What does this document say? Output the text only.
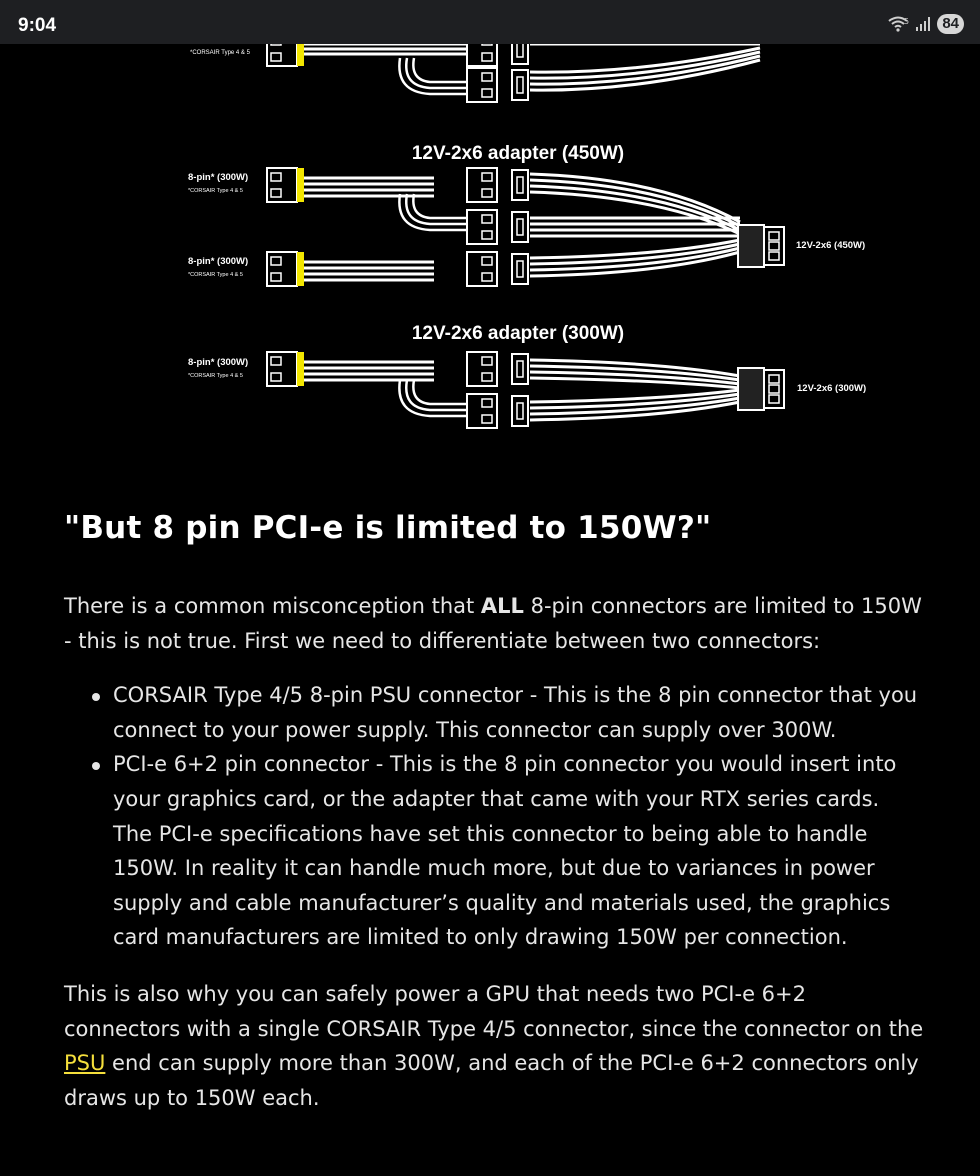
9:04	5	84
*CORSAIR Type 4 & 5
12V-2x6 adapter (450W)
8-pin* (300W)
*CORSAIR Type 4 & 5
8-pin* (300W)
*CORSAIR Type 4 & 5
12V-2x6 (450W)
12V-2x6 adapter (300W)
8-pin* (300W)
*CORSAIR Type 4 & 5
12V-2x6 (300W)
"But 8 pin PCI-e is limited to 150W?"

There is a common misconception that ALL 8-pin connectors are limited to 150W - this is not true. First we need to differentiate between two connectors:

CORSAIR Type 4/5 8-pin PSU connector - This is the 8 pin connector that you connect to your power supply. This connector can supply over 300W.
PCI-e 6+2 pin connector - This is the 8 pin connector you would insert into your graphics card, or the adapter that came with your RTX series cards. The PCI-e specifications have set this connector to being able to handle 150W. In reality it can handle much more, but due to variances in power supply and cable manufacturer’s quality and materials used, the graphics card manufacturers are limited to only drawing 150W per connection.

This is also why you can safely power a GPU that needs two PCI-e 6+2 connectors with a single CORSAIR Type 4/5 connector, since the connector on the PSU end can supply more than 300W, and each of the PCI-e 6+2 connectors only draws up to 150W each.
